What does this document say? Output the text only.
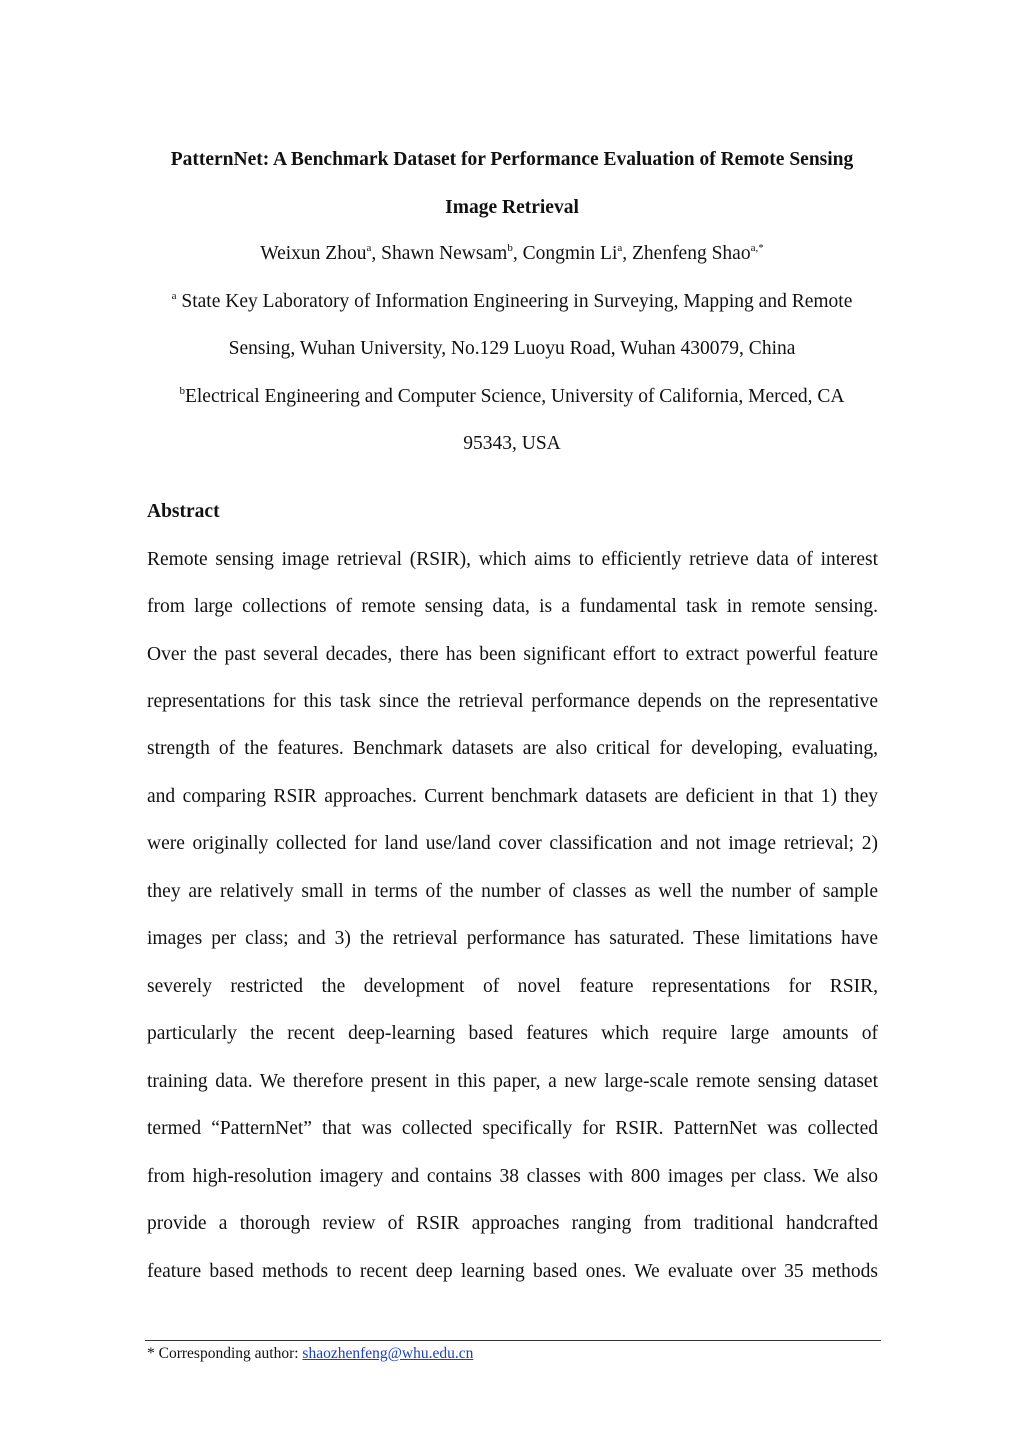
PatternNet: A Benchmark Dataset for Performance Evaluation of Remote Sensing
Image Retrieval
Weixun Zhou$^a$, Shawn Newsam$^b$, Congmin Li$^a$, Zhenfeng Shao$^{a,*}$
$^a$ State Key Laboratory of Information Engineering in Surveying, Mapping and Remote
Sensing, Wuhan University, No.129 Luoyu Road, Wuhan 430079, China
$^b$Electrical Engineering and Computer Science, University of California, Merced, CA
95343, USA
Abstract
Remote sensing image retrieval (RSIR), which aims to efficiently retrieve data of interest
from large collections of remote sensing data, is a fundamental task in remote sensing.
Over the past several decades, there has been significant effort to extract powerful feature
representations for this task since the retrieval performance depends on the representative
strength of the features. Benchmark datasets are also critical for developing, evaluating,
and comparing RSIR approaches. Current benchmark datasets are deficient in that 1) they
were originally collected for land use/land cover classification and not image retrieval; 2)
they are relatively small in terms of the number of classes as well the number of sample
images per class; and 3) the retrieval performance has saturated. These limitations have
severely restricted the development of novel feature representations for RSIR,
particularly the recent deep-learning based features which require large amounts of
training data. We therefore present in this paper, a new large-scale remote sensing dataset
termed “PatternNet” that was collected specifically for RSIR. PatternNet was collected
from high-resolution imagery and contains 38 classes with 800 images per class. We also
provide a thorough review of RSIR approaches ranging from traditional handcrafted
feature based methods to recent deep learning based ones. We evaluate over 35 methods
* Corresponding author: shaozhenfeng@whu.edu.cn
